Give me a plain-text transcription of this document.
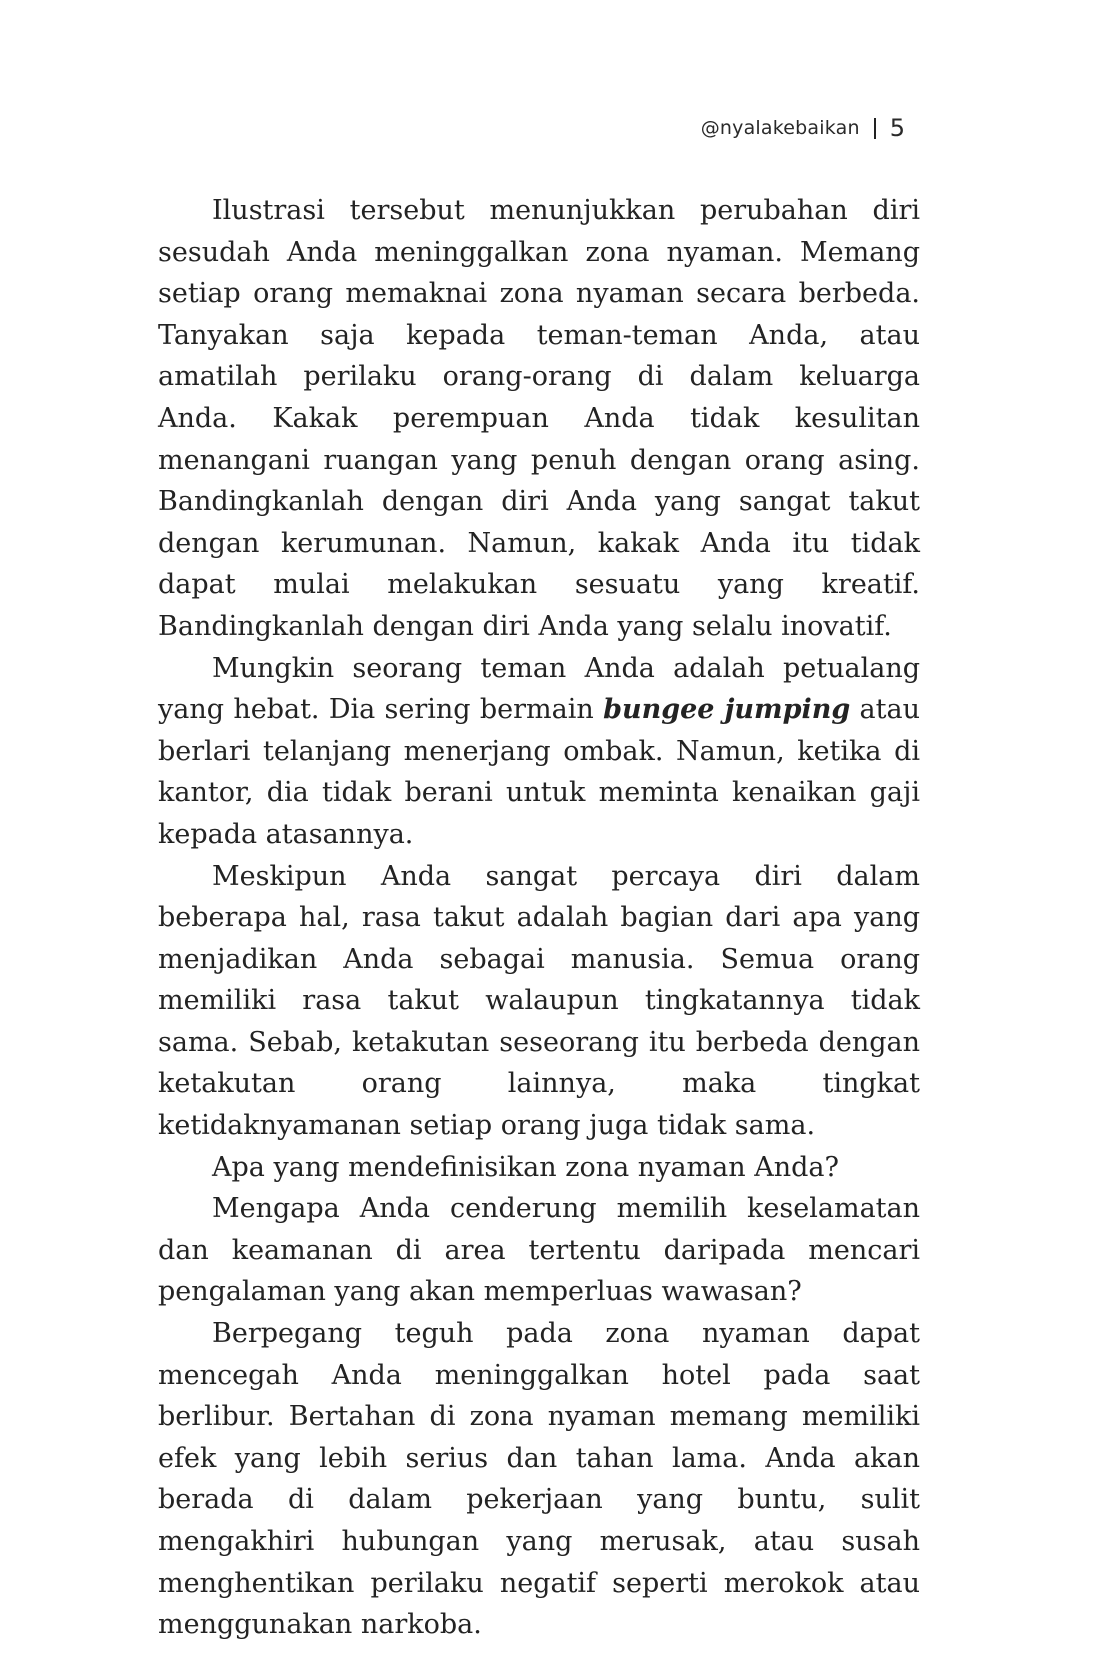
@nyalakebaikan 5

Ilustrasi tersebut menunjukkan perubahan diri sesudah Anda meninggalkan zona nyaman. Memang setiap orang memaknai zona nyaman secara berbeda. Tanyakan saja kepada teman-teman Anda, atau amatilah perilaku orang-orang di dalam keluarga Anda. Kakak perempuan Anda tidak kesulitan menangani ruangan yang penuh dengan orang asing. Bandingkanlah dengan diri Anda yang sangat takut dengan kerumunan. Namun, kakak Anda itu tidak dapat mulai melakukan sesuatu yang kreatif. Bandingkanlah dengan diri Anda yang selalu inovatif.

Mungkin seorang teman Anda adalah petualang yang hebat. Dia sering bermain bungee jumping atau berlari telanjang menerjang ombak. Namun, ketika di kantor, dia tidak berani untuk meminta kenaikan gaji kepada atasannya.

Meskipun Anda sangat percaya diri dalam beberapa hal, rasa takut adalah bagian dari apa yang menjadikan Anda sebagai manusia. Semua orang memiliki rasa takut walaupun tingkatannya tidak sama. Sebab, ketakutan seseorang itu berbeda dengan ketakutan orang lainnya, maka tingkat ketidaknyamanan setiap orang juga tidak sama.

Apa yang mendefinisikan zona nyaman Anda?

Mengapa Anda cenderung memilih keselamatan dan keamanan di area tertentu daripada mencari pengalaman yang akan memperluas wawasan?

Berpegang teguh pada zona nyaman dapat mencegah Anda meninggalkan hotel pada saat berlibur. Bertahan di zona nyaman memang memiliki efek yang lebih serius dan tahan lama. Anda akan berada di dalam pekerjaan yang buntu, sulit mengakhiri hubungan yang merusak, atau susah menghentikan perilaku negatif seperti merokok atau menggunakan narkoba.
